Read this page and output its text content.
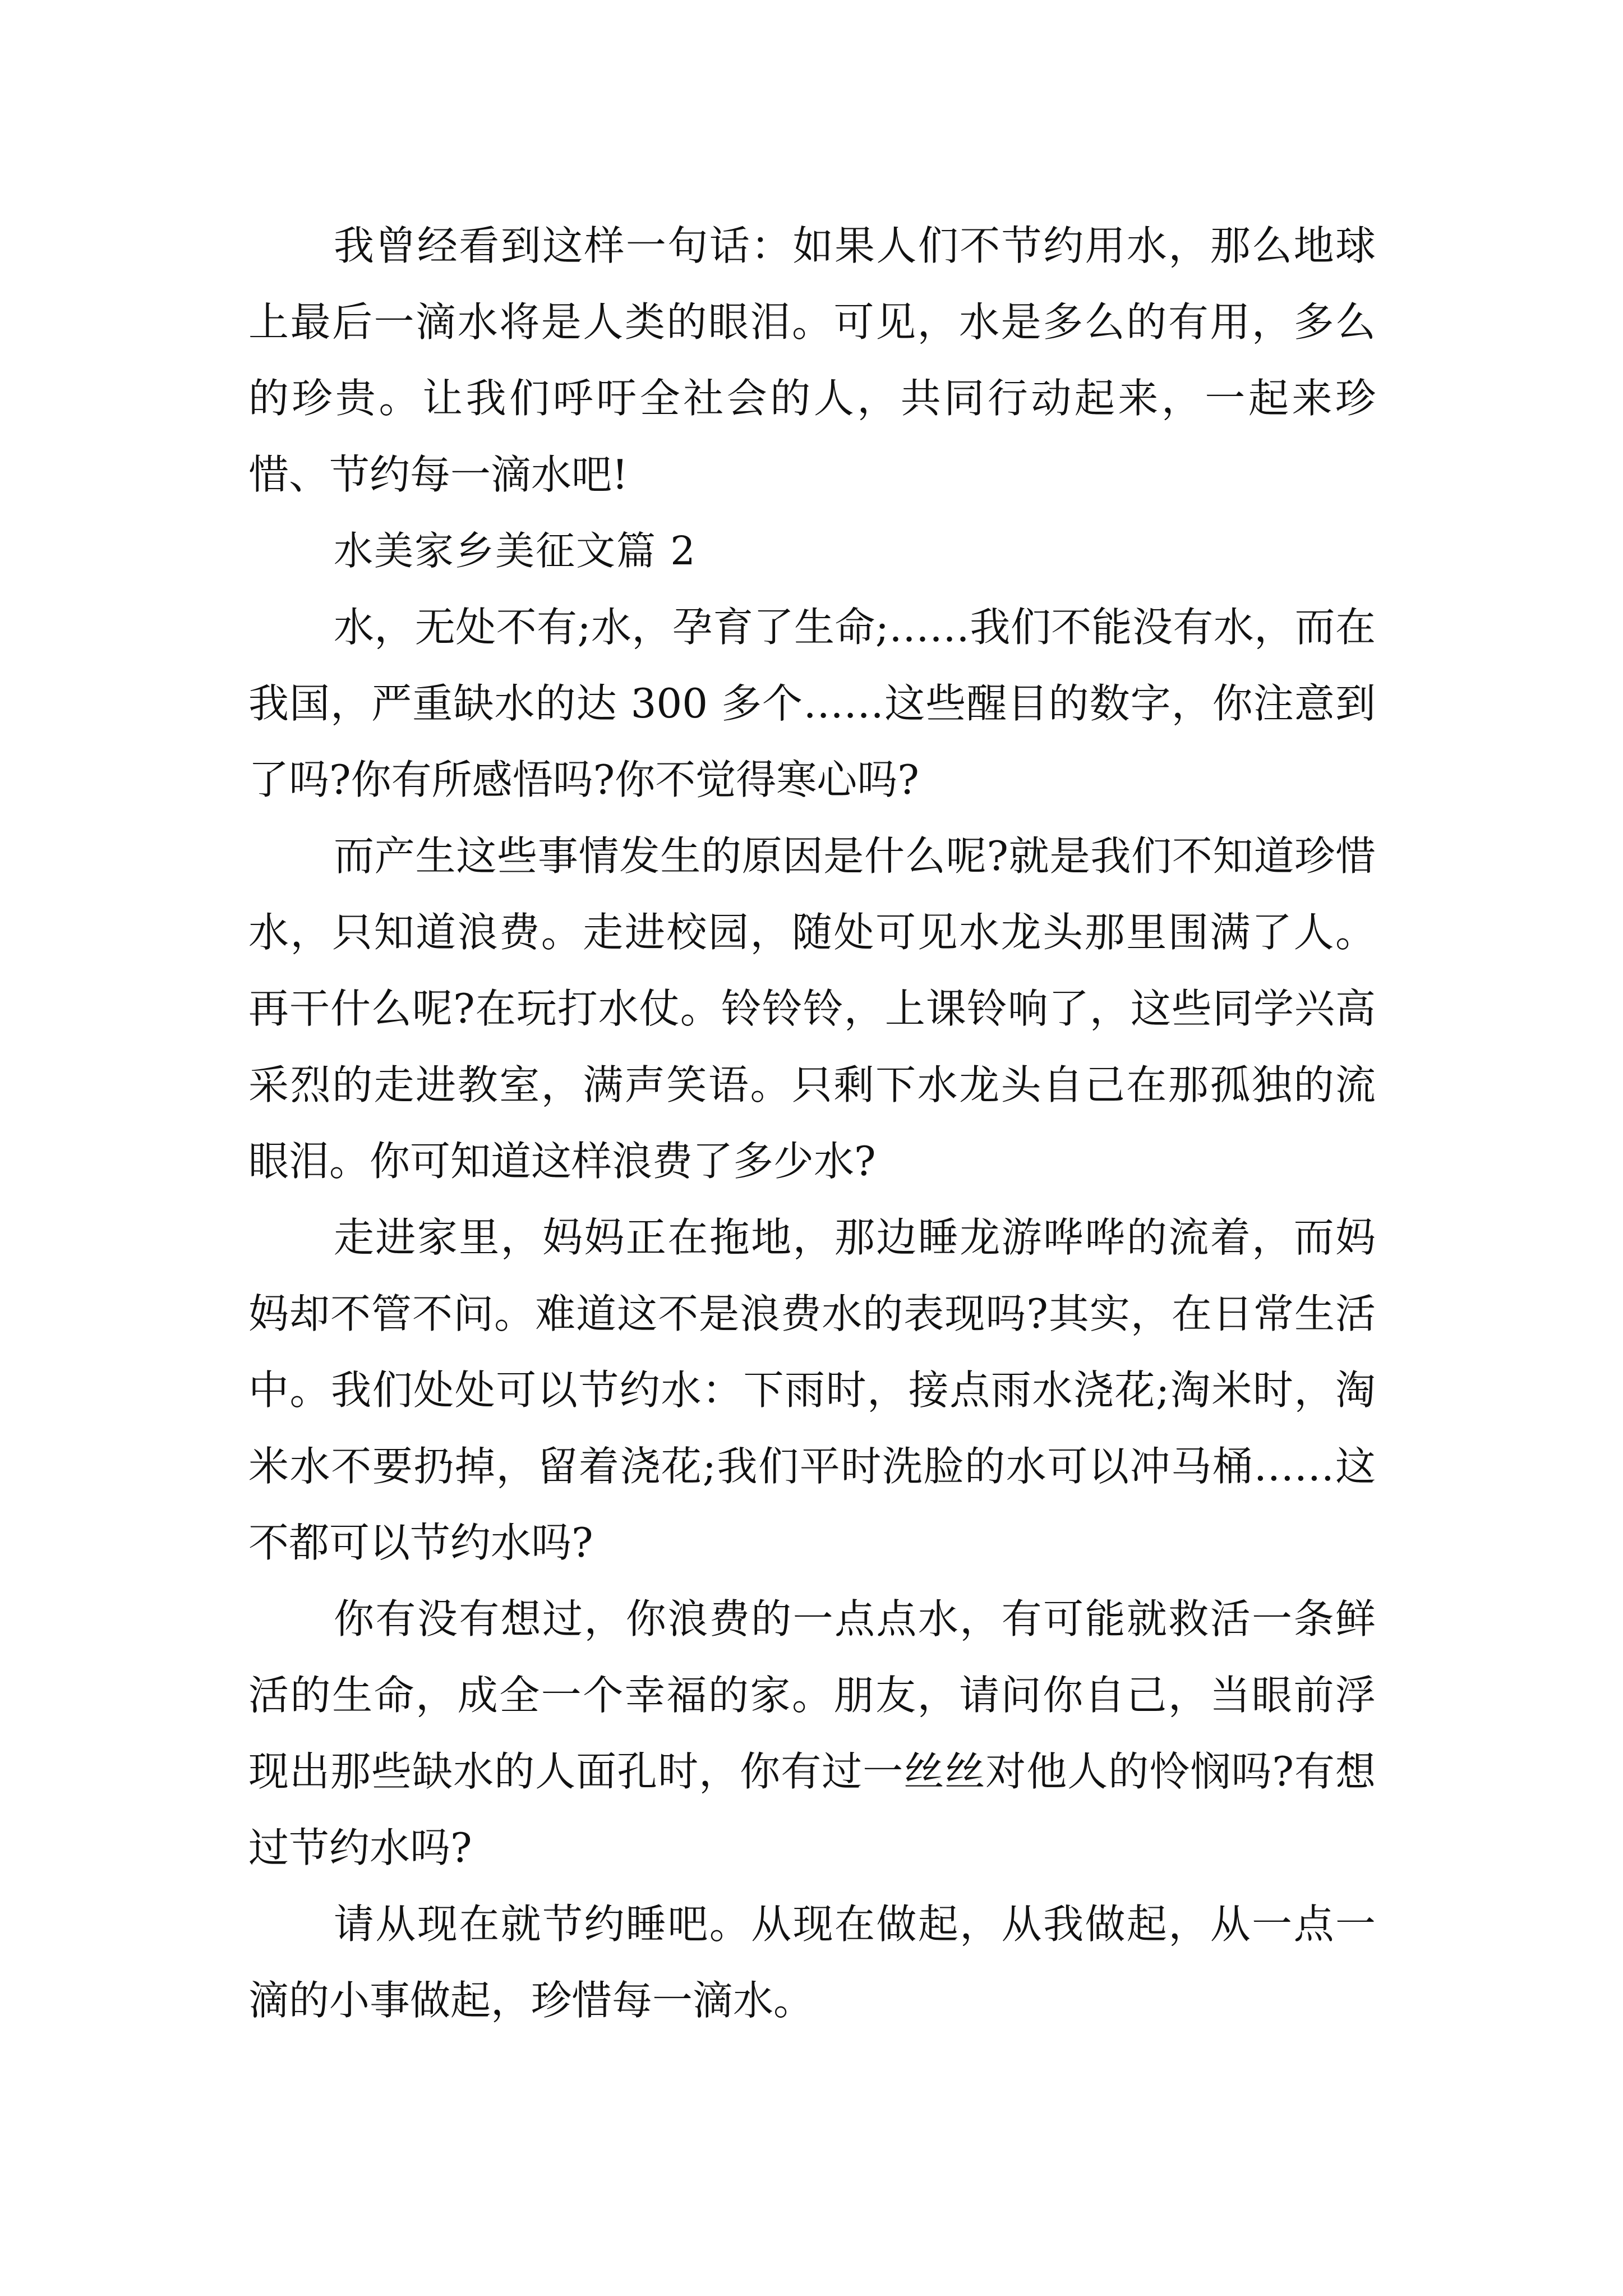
我曾经看到这样一句话：如果人们不节约用水，那么地球上最后一滴水将是人类的眼泪。可见，水是多么的有用，多么的珍贵。让我们呼吁全社会的人，共同行动起来，一起来珍惜、节约每一滴水吧!

水美家乡美征文篇 2

水，无处不有;水，孕育了生命;……我们不能没有水，而在我国，严重缺水的达 300 多个……这些醒目的数字，你注意到了吗?你有所感悟吗?你不觉得寒心吗?

而产生这些事情发生的原因是什么呢?就是我们不知道珍惜水，只知道浪费。走进校园，随处可见水龙头那里围满了人。再干什么呢?在玩打水仗。铃铃铃，上课铃响了，这些同学兴高采烈的走进教室，满声笑语。只剩下水龙头自己在那孤独的流眼泪。你可知道这样浪费了多少水?

走进家里，妈妈正在拖地，那边睡龙游哗哗的流着，而妈妈却不管不问。难道这不是浪费水的表现吗?其实，在日常生活中。我们处处可以节约水：下雨时，接点雨水浇花;淘米时，淘米水不要扔掉，留着浇花;我们平时洗脸的水可以冲马桶……这不都可以节约水吗?

你有没有想过，你浪费的一点点水，有可能就救活一条鲜活的生命，成全一个幸福的家。朋友，请问你自己，当眼前浮现出那些缺水的人面孔时，你有过一丝丝对他人的怜悯吗?有想过节约水吗?

请从现在就节约睡吧。从现在做起，从我做起，从一点一滴的小事做起，珍惜每一滴水。
